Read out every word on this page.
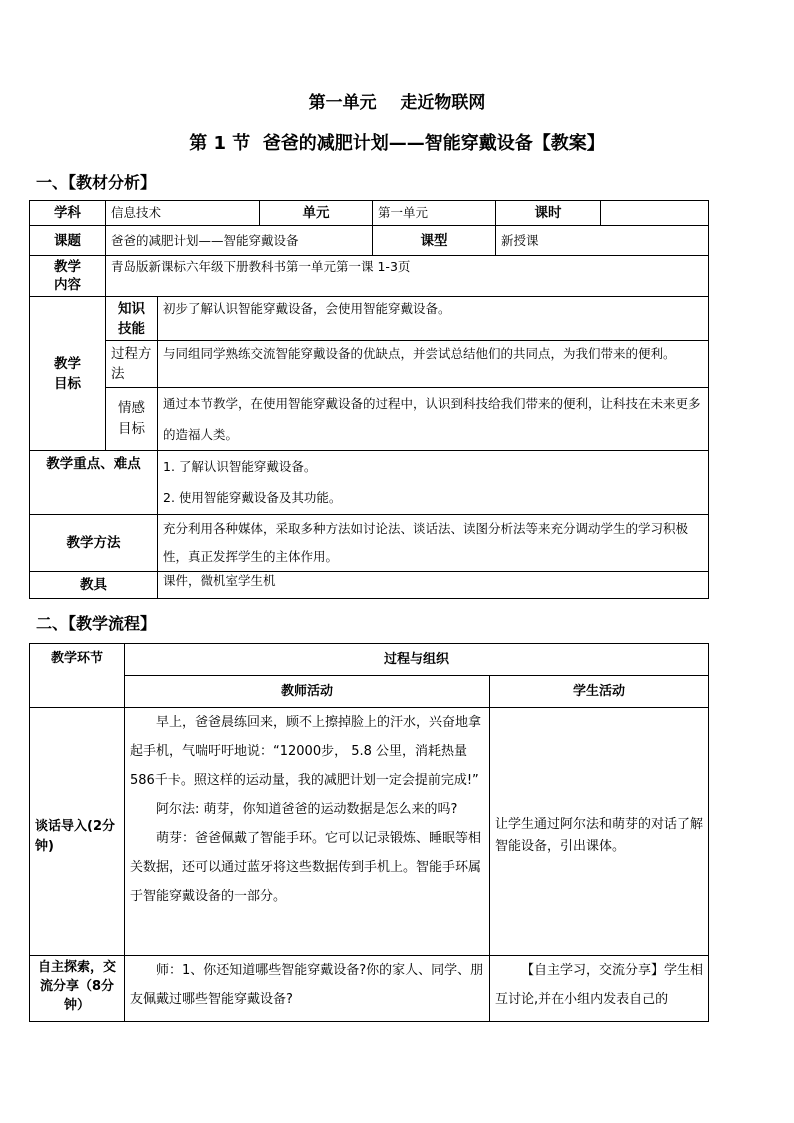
第一单元    走近物联网
第 1 节  爸爸的减肥计划——智能穿戴设备【教案】
一、【教材分析】
学科	信息技术		单元	第一单元	课时	
课题	爸爸的减肥计划——智能穿戴设备			课型	新授课	
教学内容	青岛版新课标六年级下册教科书第一单元第一课 1-3页					
教学目标	知识技能	初步了解认识智能穿戴设备，会使用智能穿戴设备。				
	过程方法	与同组同学熟练交流智能穿戴设备的优缺点，并尝试总结他们的共同点，为我们带来的便利。				
	情感目标	通过本节教学，在使用智能穿戴设备的过程中，认识到科技给我们带来的便利，让科技在未来更多的造福人类。				
教学重点、难点		1. 了解认识智能穿戴设备。

2. 使用智能穿戴设备及其功能。				

教学方法		充分利用各种媒体，采取多种方法如讨论法、谈话法、读图分析法等来充分调动学生的学习积极性，真正发挥学生的主体作用。				
教具		课件，微机室学生机				
二、【教学流程】
教学环节	过程与组织	
	教师活动	学生活动
谈话导入(2分钟)	早上，爸爸晨练回来，顾不上擦掉脸上的汗水，兴奋地拿起手机，气喘吁吁地说：“12000步， 5.8 公里，消耗热量 586千卡。照这样的运动量，我的减肥计划一定会提前完成!”

阿尔法: 萌芽，你知道爸爸的运动数据是怎么来的吗?

萌芽：爸爸佩戴了智能手环。它可以记录锻炼、睡眠等相关数据，还可以通过蓝牙将这些数据传到手机上。智能手环属于智能穿戴设备的一部分。	让学生通过阿尔法和萌芽的对话了解智能设备，引出课体。
自主探索，交流分享（8分钟）	师：1、你还知道哪些智能穿戴设备?你的家人、同学、朋友佩戴过哪些智能穿戴设备?	【自主学习，交流分享】学生相互讨论,并在小组内发表自己的
